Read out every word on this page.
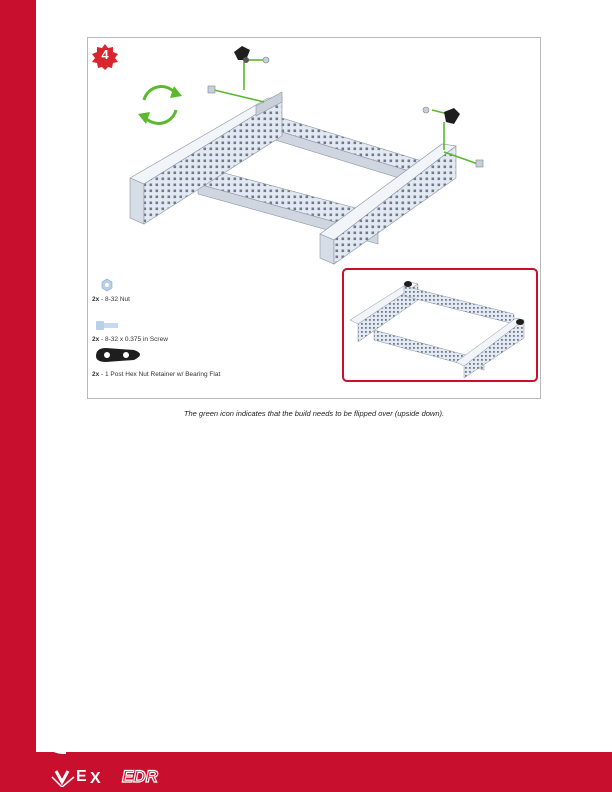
4
2x - 8-32 Nut
2x - 8-32 x 0.375 in Screw
2x - 1 Post Hex Nut Retainer w/ Bearing Flat
The green icon indicates that the build needs to be flipped over (upside down).
E X EDR
